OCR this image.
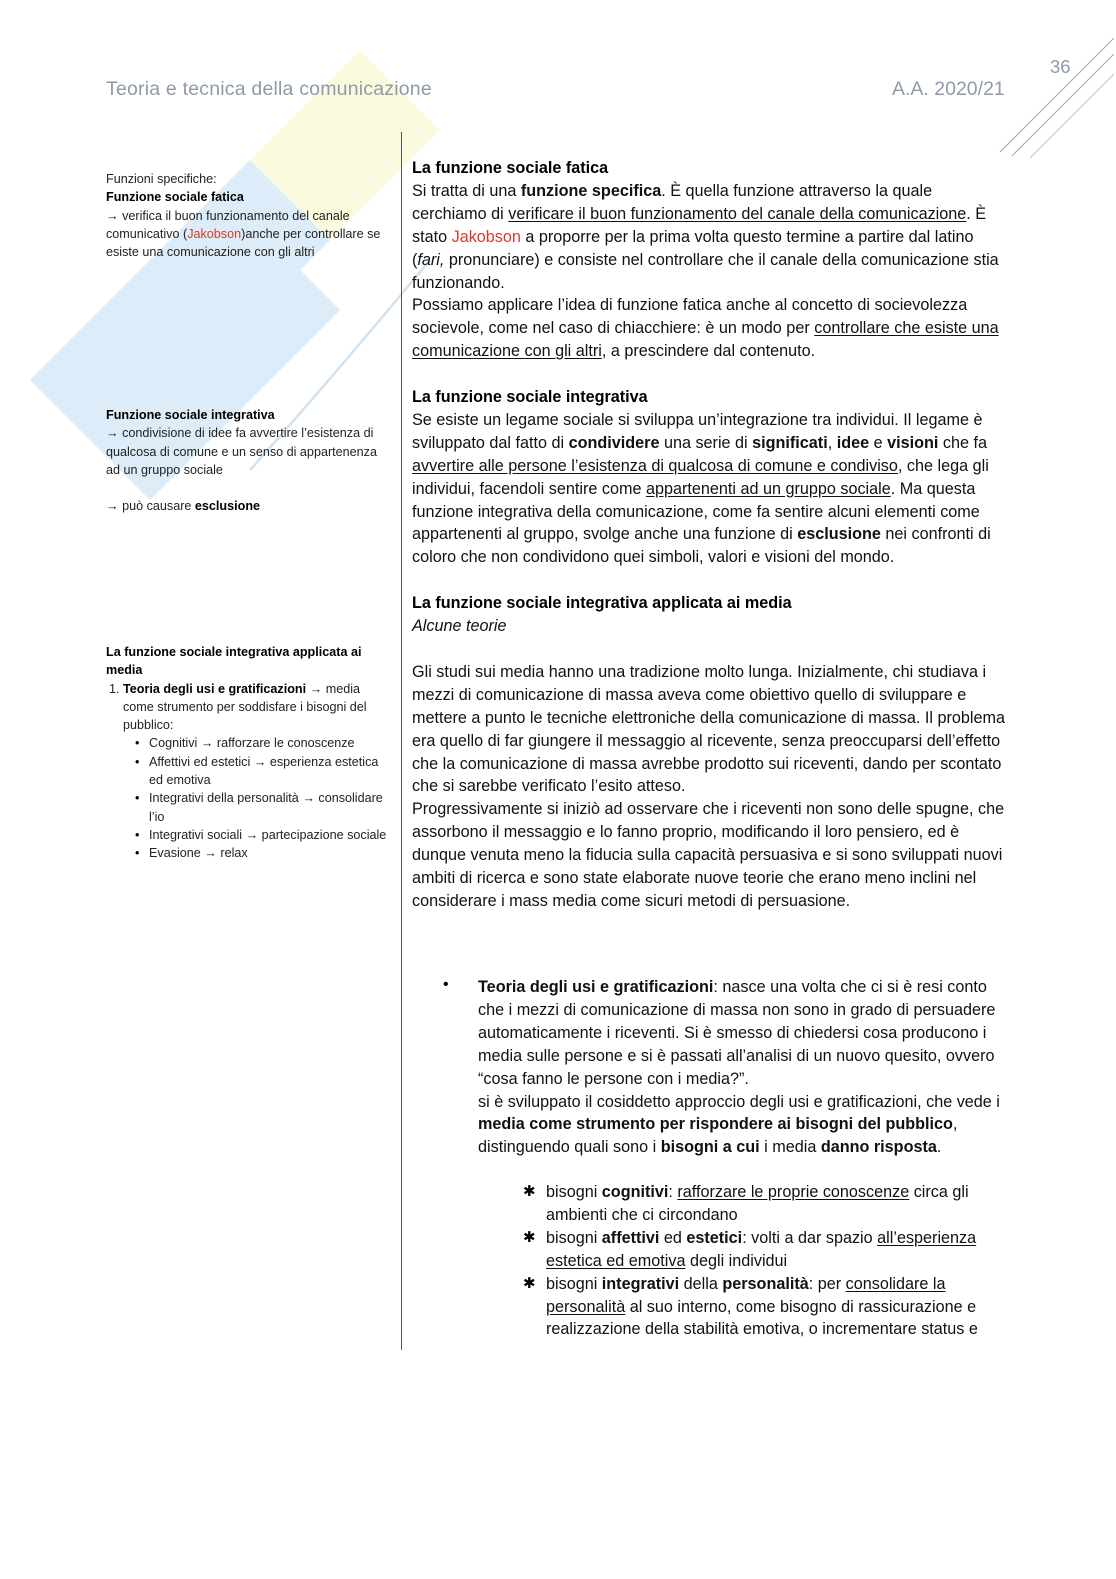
Teoria e tecnica della comunicazione	A.A. 2020/21
36
Funzioni specifiche:
Funzione sociale fatica
→ verifica il buon funzionamento del canale comunicativo (Jakobson)anche per controllare se esiste una comunicazione con gli altri
Funzione sociale integrativa
→ condivisione di idee fa avvertire l’esistenza di qualcosa di comune e un senso di appartenenza ad un gruppo sociale
→ può causare esclusione
La funzione sociale integrativa applicata ai media
1. Teoria degli usi e gratificazioni → media come strumento per soddisfare i bisogni del pubblico:
• Cognitivi → rafforzare le conoscenze
• Affettivi ed estetici → esperienza estetica ed emotiva
• Integrativi della personalità → consolidare l’io
• Integrativi sociali → partecipazione sociale
• Evasione → relax

La funzione sociale fatica

Si tratta di una funzione specifica. È quella funzione attraverso la quale cerchiamo di verificare il buon funzionamento del canale della comunicazione. È stato Jakobson a proporre per la prima volta questo termine a partire dal latino (fari, pronunciare) e consiste nel controllare che il canale della comunicazione stia funzionando.

Possiamo applicare l’idea di funzione fatica anche al concetto di socievolezza socievole, come nel caso di chiacchiere: è un modo per controllare che esiste una comunicazione con gli altri, a prescindere dal contenuto.

La funzione sociale integrativa

Se esiste un legame sociale si sviluppa un’integrazione tra individui. Il legame è sviluppato dal fatto di condividere una serie di significati, idee e visioni che fa avvertire alle persone l’esistenza di qualcosa di comune e condiviso, che lega gli individui, facendoli sentire come appartenenti ad un gruppo sociale. Ma questa funzione integrativa della comunicazione, come fa sentire alcuni elementi come appartenenti al gruppo, svolge anche una funzione di esclusione nei confronti di coloro che non condividono quei simboli, valori e visioni del mondo.

La funzione sociale integrativa applicata ai media

Alcune teorie

Gli studi sui media hanno una tradizione molto lunga. Inizialmente, chi studiava i mezzi di comunicazione di massa aveva come obiettivo quello di sviluppare e mettere a punto le tecniche elettroniche della comunicazione di massa. Il problema era quello di far giungere il messaggio al ricevente, senza preoccuparsi dell’effetto che la comunicazione di massa avrebbe prodotto sui riceventi, dando per scontato che si sarebbe verificato l’esito atteso.

Progressivamente si iniziò ad osservare che i riceventi non sono delle spugne, che assorbono il messaggio e lo fanno proprio, modificando il loro pensiero, ed è dunque venuta meno la fiducia sulla capacità persuasiva e si sono sviluppati nuovi ambiti di ricerca e sono state elaborate nuove teorie che erano meno inclini nel considerare i mass media come sicuri metodi di persuasione.

• Teoria degli usi e gratificazioni: nasce una volta che ci si è resi conto che i mezzi di comunicazione di massa non sono in grado di persuadere automaticamente i riceventi. Si è smesso di chiedersi cosa producono i media sulle persone e si è passati all’analisi di un nuovo quesito, ovvero “cosa fanno le persone con i media?”.

si è sviluppato il cosiddetto approccio degli usi e gratificazioni, che vede i media come strumento per rispondere ai bisogni del pubblico, distinguendo quali sono i bisogni a cui i media danno risposta.

✱ bisogni cognitivi: rafforzare le proprie conoscenze circa gli ambienti che ci circondano
✱ bisogni affettivi ed estetici: volti a dar spazio all’esperienza estetica ed emotiva degli individui
✱ bisogni integrativi della personalità: per consolidare la personalità al suo interno, come bisogno di rassicurazione e realizzazione della stabilità emotiva, o incrementare status e
